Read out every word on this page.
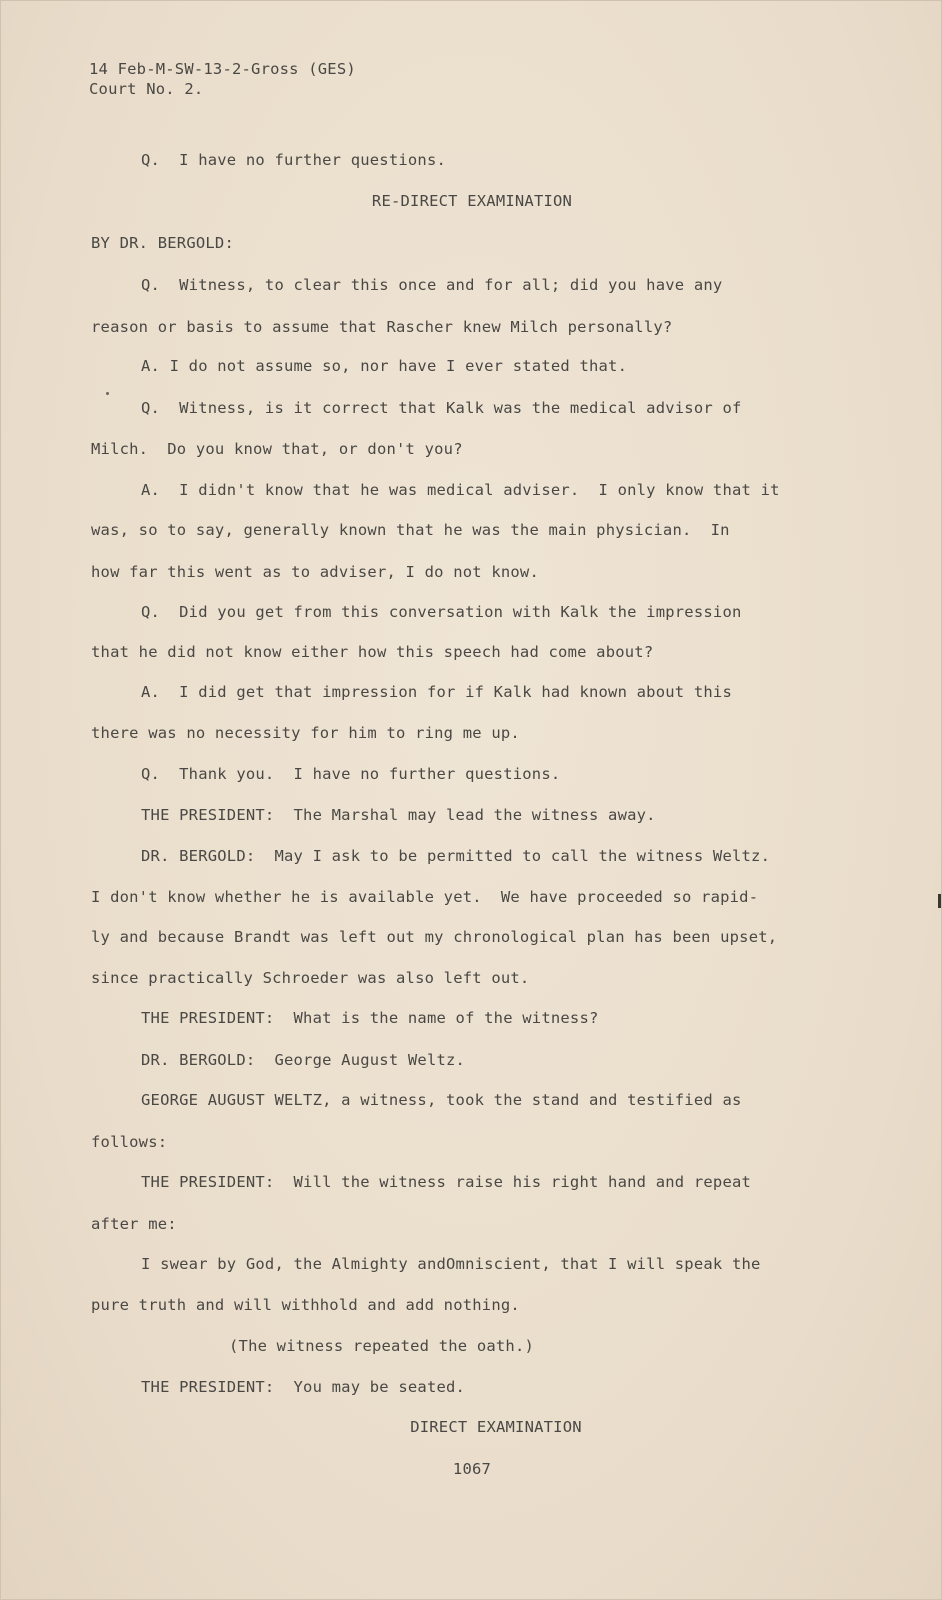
14 Feb-M-SW-13-2-Gross (GES)
Court No. 2.
Q.  I have no further questions.
RE-DIRECT EXAMINATION
BY DR. BERGOLD:
Q.  Witness, to clear this once and for all; did you have any
reason or basis to assume that Rascher knew Milch personally?
A. I do not assume so, nor have I ever stated that.
Q.  Witness, is it correct that Kalk was the medical advisor of
Milch.  Do you know that, or don't you?
A.  I didn't know that he was medical adviser.  I only know that it
was, so to say, generally known that he was the main physician.  In
how far this went as to adviser, I do not know.
Q.  Did you get from this conversation with Kalk the impression
that he did not know either how this speech had come about?
A.  I did get that impression for if Kalk had known about this
there was no necessity for him to ring me up.
Q.  Thank you.  I have no further questions.
THE PRESIDENT:  The Marshal may lead the witness away.
DR. BERGOLD:  May I ask to be permitted to call the witness Weltz.
I don't know whether he is available yet.  We have proceeded so rapid-
ly and because Brandt was left out my chronological plan has been upset,
since practically Schroeder was also left out.
THE PRESIDENT:  What is the name of the witness?
DR. BERGOLD:  George August Weltz.
GEORGE AUGUST WELTZ, a witness, took the stand and testified as
follows:
THE PRESIDENT:  Will the witness raise his right hand and repeat
after me:
I swear by God, the Almighty andOmniscient, that I will speak the
pure truth and will withhold and add nothing.
(The witness repeated the oath.)
THE PRESIDENT:  You may be seated.
DIRECT EXAMINATION
1067
